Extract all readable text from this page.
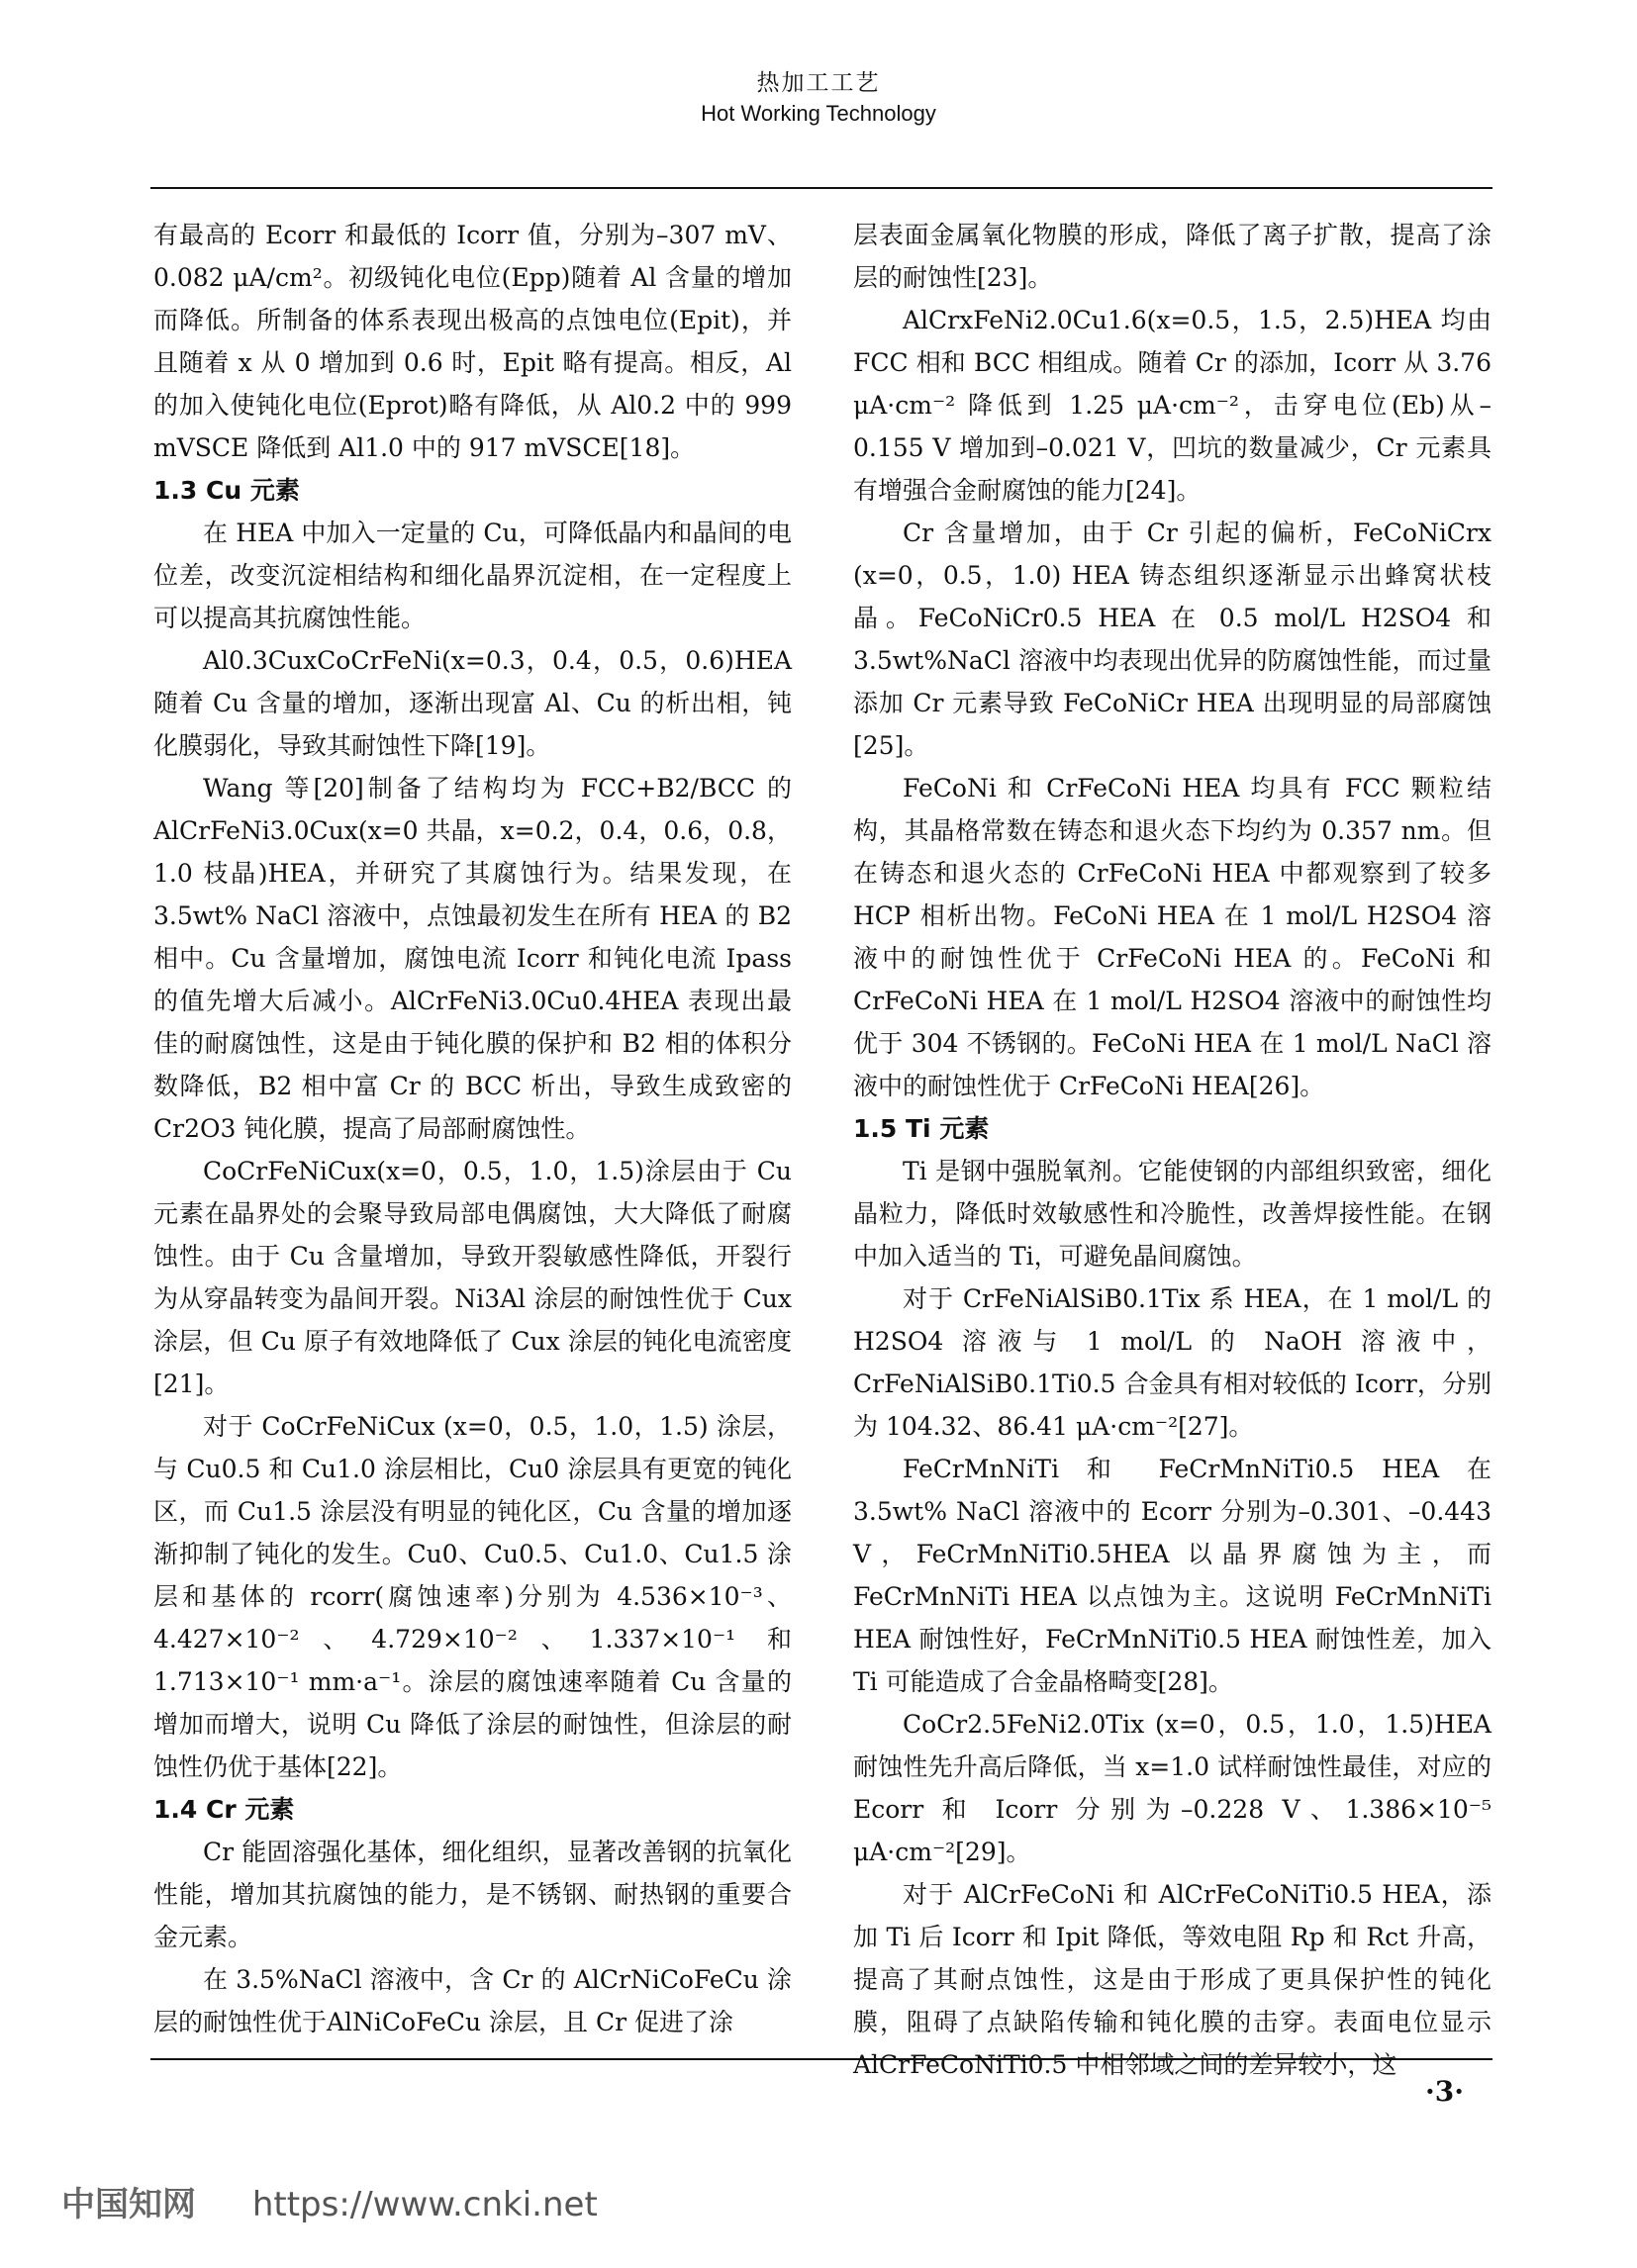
热加工工艺
Hot Working Technology

有最高的 Ecorr 和最低的 Icorr 值，分别为–307 mV、0.082 μA/cm²。初级钝化电位(Epp)随着 Al 含量的增加而降低。所制备的体系表现出极高的点蚀电位(Epit)，并且随着 x 从 0 增加到 0.6 时，Epit 略有提高。相反，Al 的加入使钝化电位(Eprot)略有降低，从 Al0.2 中的 999 mVSCE 降低到 Al1.0 中的 917 mVSCE[18]。

1.3 Cu 元素

在 HEA 中加入一定量的 Cu，可降低晶内和晶间的电位差，改变沉淀相结构和细化晶界沉淀相，在一定程度上可以提高其抗腐蚀性能。

Al0.3CuxCoCrFeNi(x=0.3，0.4，0.5，0.6)HEA 随着 Cu 含量的增加，逐渐出现富 Al、Cu 的析出相，钝化膜弱化，导致其耐蚀性下降[19]。

Wang 等[20]制备了结构均为 FCC+B2/BCC 的 AlCrFeNi3.0Cux(x=0 共晶，x=0.2，0.4，0.6，0.8，1.0 枝晶)HEA，并研究了其腐蚀行为。结果发现，在 3.5wt% NaCl 溶液中，点蚀最初发生在所有 HEA 的 B2 相中。Cu 含量增加，腐蚀电流 Icorr 和钝化电流 Ipass 的值先增大后减小。AlCrFeNi3.0Cu0.4HEA 表现出最佳的耐腐蚀性，这是由于钝化膜的保护和 B2 相的体积分数降低，B2 相中富 Cr 的 BCC 析出，导致生成致密的 Cr2O3 钝化膜，提高了局部耐腐蚀性。

CoCrFeNiCux(x=0，0.5，1.0，1.5)涂层由于 Cu 元素在晶界处的会聚导致局部电偶腐蚀，大大降低了耐腐蚀性。由于 Cu 含量增加，导致开裂敏感性降低，开裂行为从穿晶转变为晶间开裂。Ni3Al 涂层的耐蚀性优于 Cux 涂层，但 Cu 原子有效地降低了 Cux 涂层的钝化电流密度[21]。

对于 CoCrFeNiCux (x=0，0.5，1.0，1.5) 涂层，与 Cu0.5 和 Cu1.0 涂层相比，Cu0 涂层具有更宽的钝化区，而 Cu1.5 涂层没有明显的钝化区，Cu 含量的增加逐渐抑制了钝化的发生。Cu0、Cu0.5、Cu1.0、Cu1.5 涂层和基体的 rcorr(腐蚀速率)分别为 4.536×10⁻³、4.427×10⁻²、4.729×10⁻²、1.337×10⁻¹ 和 1.713×10⁻¹ mm·a⁻¹。涂层的腐蚀速率随着 Cu 含量的增加而增大，说明 Cu 降低了涂层的耐蚀性，但涂层的耐蚀性仍优于基体[22]。

1.4 Cr 元素

Cr 能固溶强化基体，细化组织，显著改善钢的抗氧化性能，增加其抗腐蚀的能力，是不锈钢、耐热钢的重要合金元素。

在 3.5%NaCl 溶液中，含 Cr 的 AlCrNiCoFeCu 涂层的耐蚀性优于AlNiCoFeCu 涂层，且 Cr 促进了涂

层表面金属氧化物膜的形成，降低了离子扩散，提高了涂层的耐蚀性[23]。

AlCrxFeNi2.0Cu1.6(x=0.5，1.5，2.5)HEA 均由 FCC 相和 BCC 相组成。随着 Cr 的添加，Icorr 从 3.76 μA·cm⁻² 降低到 1.25 μA·cm⁻²，击穿电位(Eb)从–0.155 V 增加到–0.021 V，凹坑的数量减少，Cr 元素具有增强合金耐腐蚀的能力[24]。

Cr 含量增加，由于 Cr 引起的偏析，FeCoNiCrx (x=0，0.5，1.0) HEA 铸态组织逐渐显示出蜂窝状枝晶。FeCoNiCr0.5 HEA 在 0.5 mol/L H2SO4 和 3.5wt%NaCl 溶液中均表现出优异的防腐蚀性能，而过量添加 Cr 元素导致 FeCoNiCr HEA 出现明显的局部腐蚀[25]。

FeCoNi 和 CrFeCoNi HEA 均具有 FCC 颗粒结构，其晶格常数在铸态和退火态下均约为 0.357 nm。但在铸态和退火态的 CrFeCoNi HEA 中都观察到了较多 HCP 相析出物。FeCoNi HEA 在 1 mol/L H2SO4 溶液中的耐蚀性优于 CrFeCoNi HEA 的。FeCoNi 和 CrFeCoNi HEA 在 1 mol/L H2SO4 溶液中的耐蚀性均优于 304 不锈钢的。FeCoNi HEA 在 1 mol/L NaCl 溶液中的耐蚀性优于 CrFeCoNi HEA[26]。

1.5 Ti 元素

Ti 是钢中强脱氧剂。它能使钢的内部组织致密，细化晶粒力，降低时效敏感性和冷脆性，改善焊接性能。在钢中加入适当的 Ti，可避免晶间腐蚀。

对于 CrFeNiAlSiB0.1Tix 系 HEA，在 1 mol/L 的 H2SO4 溶液与 1 mol/L 的 NaOH 溶液中，CrFeNiAlSiB0.1Ti0.5 合金具有相对较低的 Icorr，分别为 104.32、86.41 μA·cm⁻²[27]。

FeCrMnNiTi 和 FeCrMnNiTi0.5 HEA 在 3.5wt% NaCl 溶液中的 Ecorr 分别为–0.301、–0.443 V，FeCrMnNiTi0.5HEA 以晶界腐蚀为主，而 FeCrMnNiTi HEA 以点蚀为主。这说明 FeCrMnNiTi HEA 耐蚀性好，FeCrMnNiTi0.5 HEA 耐蚀性差，加入 Ti 可能造成了合金晶格畸变[28]。

CoCr2.5FeNi2.0Tix (x=0，0.5，1.0，1.5)HEA 耐蚀性先升高后降低，当 x=1.0 试样耐蚀性最佳，对应的 Ecorr 和 Icorr 分别为–0.228 V、1.386×10⁻⁵ μA·cm⁻²[29]。

对于 AlCrFeCoNi 和 AlCrFeCoNiTi0.5 HEA，添加 Ti 后 Icorr 和 Ipit 降低，等效电阻 Rp 和 Rct 升高，提高了其耐点蚀性，这是由于形成了更具保护性的钝化膜，阻碍了点缺陷传输和钝化膜的击穿。表面电位显示 AlCrFeCoNiTi0.5 中相邻域之间的差异较小，这

·3·
中国知网 https://www.cnki.net
